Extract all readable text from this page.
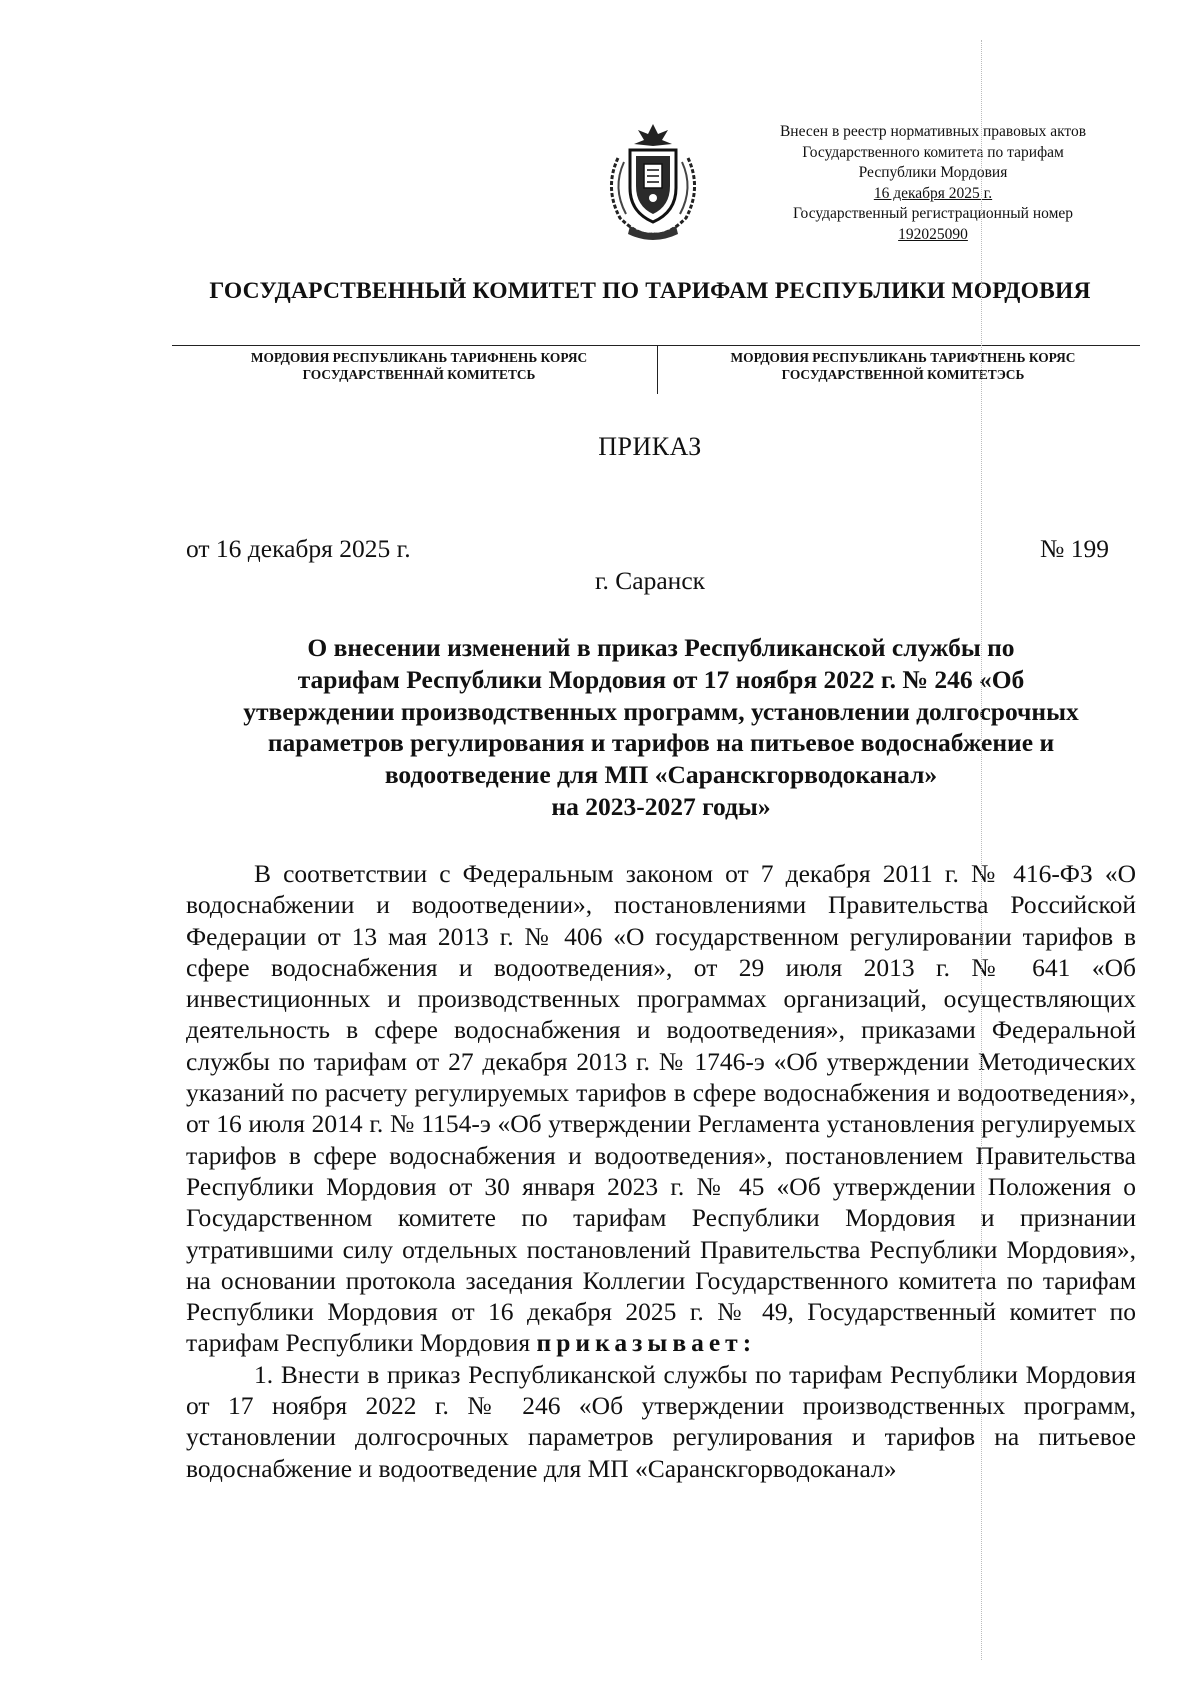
Внесен в реестр нормативных правовых актов
Государственного комитета по тарифам
Республики Мордовия
16 декабря 2025 г.
Государственный регистрационный номер
192025090
ГОСУДАРСТВЕННЫЙ КОМИТЕТ ПО ТАРИФАМ РЕСПУБЛИКИ МОРДОВИЯ
МОРДОВИЯ РЕСПУБЛИКАНЬ ТАРИФНЕНЬ КОРЯС
ГОСУДАРСТВЕННАЙ КОМИТЕТСЬ
МОРДОВИЯ РЕСПУБЛИКАНЬ ТАРИФТНЕНЬ КОРЯС
ГОСУДАРСТВЕННОЙ КОМИТЕТЭСЬ
ПРИКАЗ
от 16 декабря 2025 г.	№ 199
г. Саранск
О внесении изменений в приказ Республиканской службы по
тарифам Республики Мордовия от 17 ноября 2022 г. № 246 «Об
утверждении производственных программ, установлении долгосрочных
параметров регулирования и тарифов на питьевое водоснабжение и
водоотведение для МП «Саранскгорводоканал»
на 2023-2027 годы»

В соответствии с Федеральным законом от 7 декабря 2011 г. № 416-ФЗ «О водоснабжении и водоотведении», постановлениями Правительства Российской Федерации от 13 мая 2013 г. № 406 «О государственном регулировании тарифов в сфере водоснабжения и водоотведения», от 29 июля 2013 г. № 641 «Об инвестиционных и производственных программах организаций, осуществляющих деятельность в сфере водоснабжения и водоотведения», приказами Федеральной службы по тарифам от 27 декабря 2013 г. № 1746-э «Об утверждении Методических указаний по расчету регулируемых тарифов в сфере водоснабжения и водоотведения», от 16 июля 2014 г. № 1154-э «Об утверждении Регламента установления регулируемых тарифов в сфере водоснабжения и водоотведения», постановлением Правительства Республики Мордовия от 30 января 2023 г. № 45 «Об утверждении Положения о Государственном комитете по тарифам Республики Мордовия и признании утратившими силу отдельных постановлений Правительства Республики Мордовия», на основании протокола заседания Коллегии Государственного комитета по тарифам Республики Мордовия от 16 декабря 2025 г. № 49, Государственный комитет по тарифам Республики Мордовия приказывает:

1. Внести в приказ Республиканской службы по тарифам Республики Мордовия от 17 ноября 2022 г. № 246 «Об утверждении производственных программ, установлении долгосрочных параметров регулирования и тарифов на питьевое водоснабжение и водоотведение для МП «Саранскгорводоканал»
